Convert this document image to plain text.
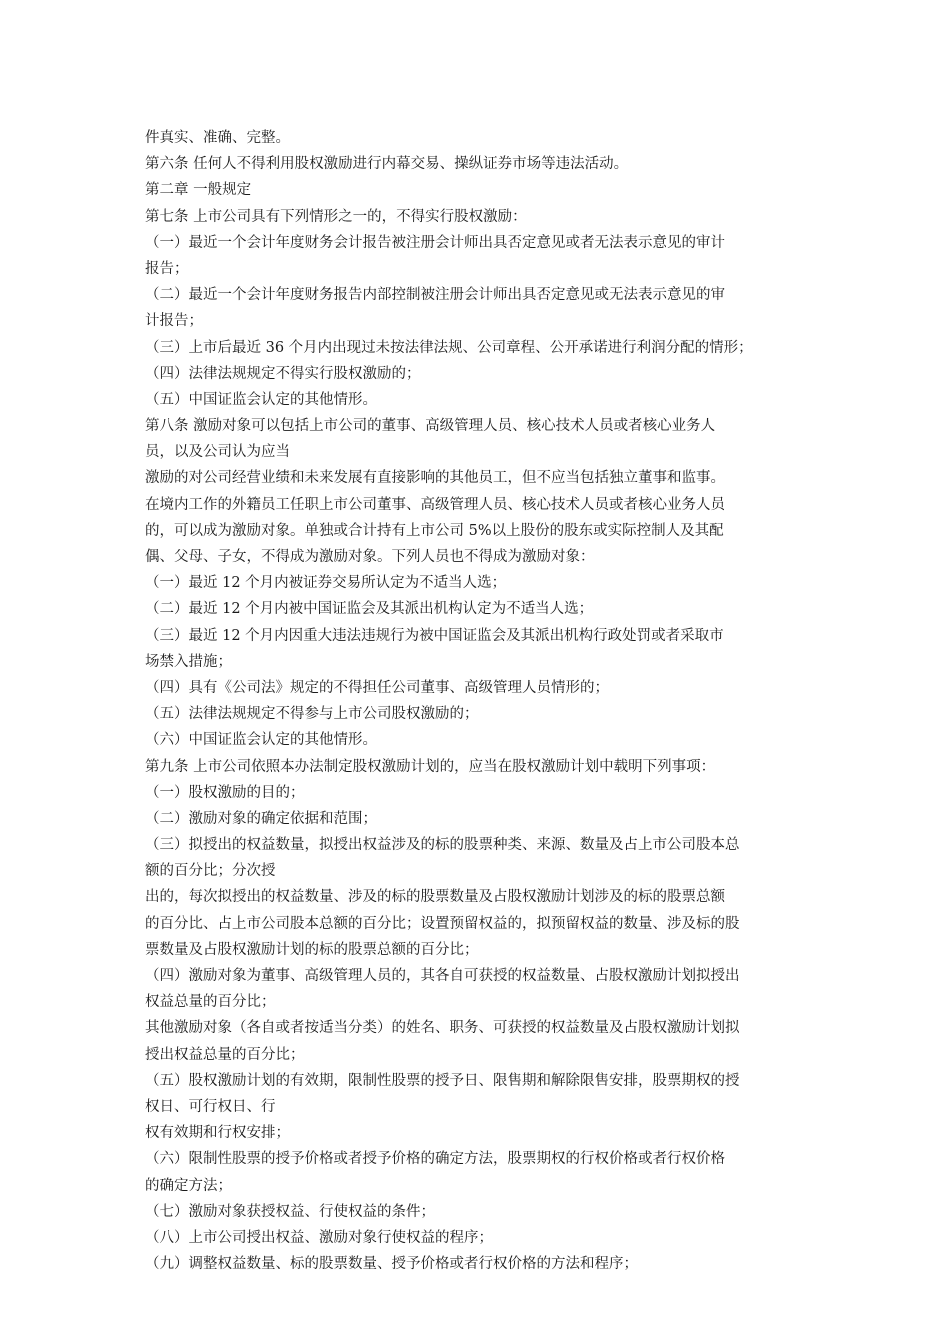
件真实、准确、完整。
第六条 任何人不得利用股权激励进行内幕交易、操纵证券市场等违法活动。
第二章 一般规定
第七条 上市公司具有下列情形之一的，不得实行股权激励：
（一）最近一个会计年度财务会计报告被注册会计师出具否定意见或者无法表示意见的审计
报告；
（二）最近一个会计年度财务报告内部控制被注册会计师出具否定意见或无法表示意见的审
计报告；
（三）上市后最近 36 个月内出现过未按法律法规、公司章程、公开承诺进行利润分配的情形；
（四）法律法规规定不得实行股权激励的；
（五）中国证监会认定的其他情形。
第八条 激励对象可以包括上市公司的董事、高级管理人员、核心技术人员或者核心业务人
员，以及公司认为应当
激励的对公司经营业绩和未来发展有直接影响的其他员工，但不应当包括独立董事和监事。
在境内工作的外籍员工任职上市公司董事、高级管理人员、核心技术人员或者核心业务人员
的，可以成为激励对象。单独或合计持有上市公司 5%以上股份的股东或实际控制人及其配
偶、父母、子女，不得成为激励对象。下列人员也不得成为激励对象：
（一）最近 12 个月内被证券交易所认定为不适当人选；
（二）最近 12 个月内被中国证监会及其派出机构认定为不适当人选；
（三）最近 12 个月内因重大违法违规行为被中国证监会及其派出机构行政处罚或者采取市
场禁入措施；
（四）具有《公司法》规定的不得担任公司董事、高级管理人员情形的；
（五）法律法规规定不得参与上市公司股权激励的；
（六）中国证监会认定的其他情形。
第九条 上市公司依照本办法制定股权激励计划的，应当在股权激励计划中载明下列事项：
（一）股权激励的目的；
（二）激励对象的确定依据和范围；
（三）拟授出的权益数量，拟授出权益涉及的标的股票种类、来源、数量及占上市公司股本总
额的百分比；分次授
出的，每次拟授出的权益数量、涉及的标的股票数量及占股权激励计划涉及的标的股票总额
的百分比、占上市公司股本总额的百分比；设置预留权益的，拟预留权益的数量、涉及标的股
票数量及占股权激励计划的标的股票总额的百分比；
（四）激励对象为董事、高级管理人员的，其各自可获授的权益数量、占股权激励计划拟授出
权益总量的百分比；
其他激励对象（各自或者按适当分类）的姓名、职务、可获授的权益数量及占股权激励计划拟
授出权益总量的百分比；
（五）股权激励计划的有效期，限制性股票的授予日、限售期和解除限售安排，股票期权的授
权日、可行权日、行
权有效期和行权安排；
（六）限制性股票的授予价格或者授予价格的确定方法，股票期权的行权价格或者行权价格
的确定方法；
（七）激励对象获授权益、行使权益的条件；
（八）上市公司授出权益、激励对象行使权益的程序；
（九）调整权益数量、标的股票数量、授予价格或者行权价格的方法和程序；
